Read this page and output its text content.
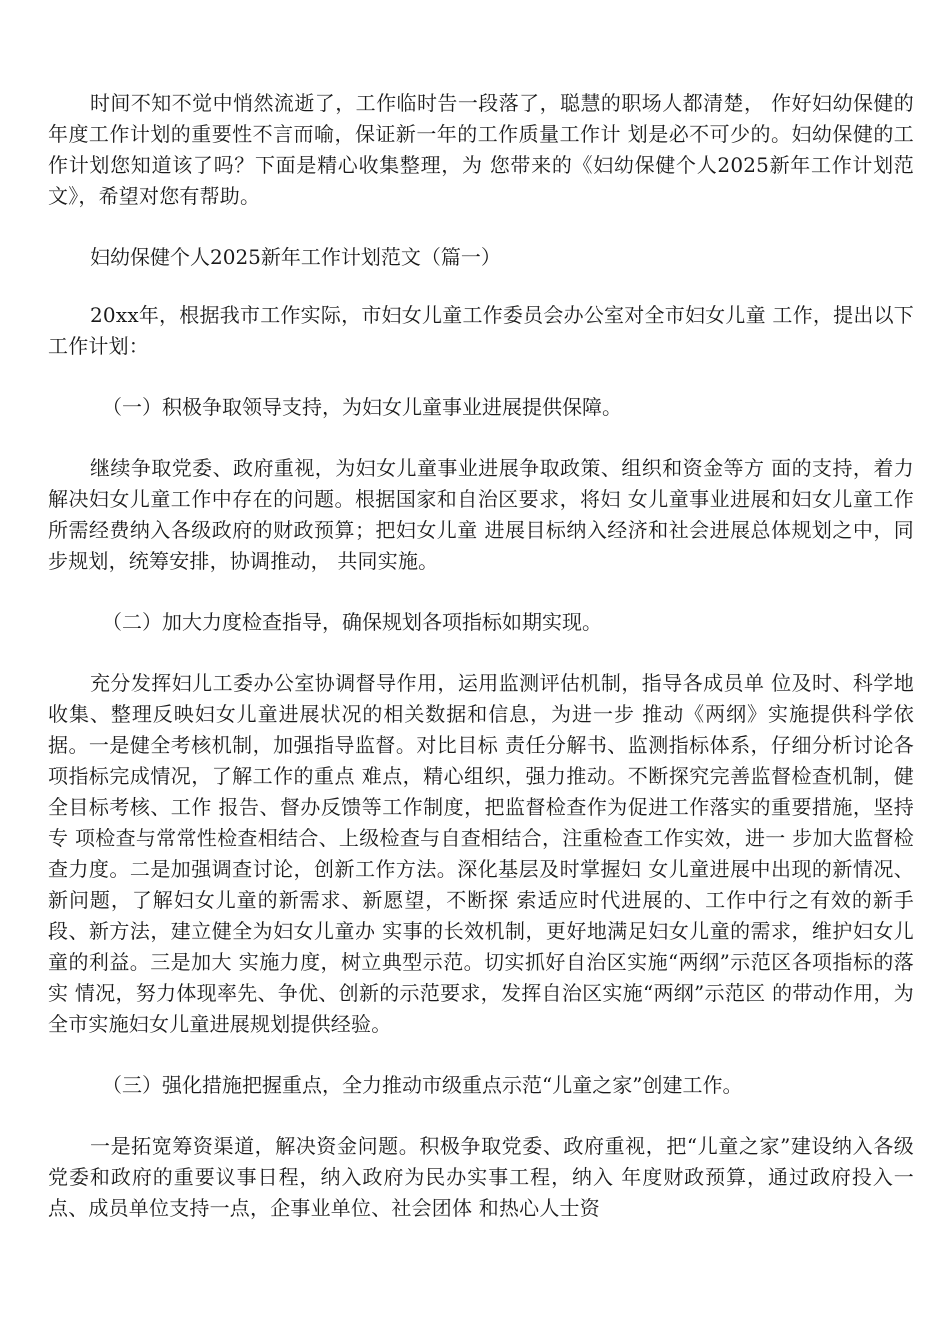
时间不知不觉中悄然流逝了，工作临时告一段落了，聪慧的职场人都清楚， 作好妇幼保健的年度工作计划的重要性不言而喻，保证新一年的工作质量工作计 划是必不可少的。妇幼保健的工作计划您知道该了吗？下面是精心收集整理，为 您带来的《妇幼保健个人2025新年工作计划范文》，希望对您有帮助。

妇幼保健个人2025新年工作计划范文（篇一）

20xx年，根据我市工作实际，市妇女儿童工作委员会办公室对全市妇女儿童 工作，提出以下工作计划：

（一）积极争取领导支持，为妇女儿童事业进展提供保障。

继续争取党委、政府重视，为妇女儿童事业进展争取政策、组织和资金等方 面的支持，着力解决妇女儿童工作中存在的问题。根据国家和自治区要求，将妇 女儿童事业进展和妇女儿童工作所需经费纳入各级政府的财政预算；把妇女儿童 进展目标纳入经济和社会进展总体规划之中，同步规划，统筹安排，协调推动， 共同实施。

（二）加大力度检查指导，确保规划各项指标如期实现。

充分发挥妇儿工委办公室协调督导作用，运用监测评估机制，指导各成员单 位及时、科学地收集、整理反映妇女儿童进展状况的相关数据和信息，为进一步 推动《两纲》实施提供科学依据。一是健全考核机制，加强指导监督。对比目标 责任分解书、监测指标体系，仔细分析讨论各项指标完成情况，了解工作的重点 难点，精心组织，强力推动。不断探究完善监督检查机制，健全目标考核、工作 报告、督办反馈等工作制度，把监督检查作为促进工作落实的重要措施，坚持专 项检查与常常性检查相结合、上级检查与自查相结合，注重检查工作实效，进一 步加大监督检查力度。二是加强调查讨论，创新工作方法。深化基层及时掌握妇 女儿童进展中出现的新情况、新问题，了解妇女儿童的新需求、新愿望，不断探 索适应时代进展的、工作中行之有效的新手段、新方法，建立健全为妇女儿童办 实事的长效机制，更好地满足妇女儿童的需求，维护妇女儿童的利益。三是加大 实施力度，树立典型示范。切实抓好自治区实施“两纲”示范区各项指标的落实 情况，努力体现率先、争优、创新的示范要求，发挥自治区实施“两纲”示范区 的带动作用，为全市实施妇女儿童进展规划提供经验。

（三）强化措施把握重点，全力推动市级重点示范“儿童之家”创建工作。

一是拓宽筹资渠道，解决资金问题。积极争取党委、政府重视，把“儿童之家”建设纳入各级党委和政府的重要议事日程，纳入政府为民办实事工程，纳入 年度财政预算，通过政府投入一点、成员单位支持一点，企事业单位、社会团体 和热心人士资
